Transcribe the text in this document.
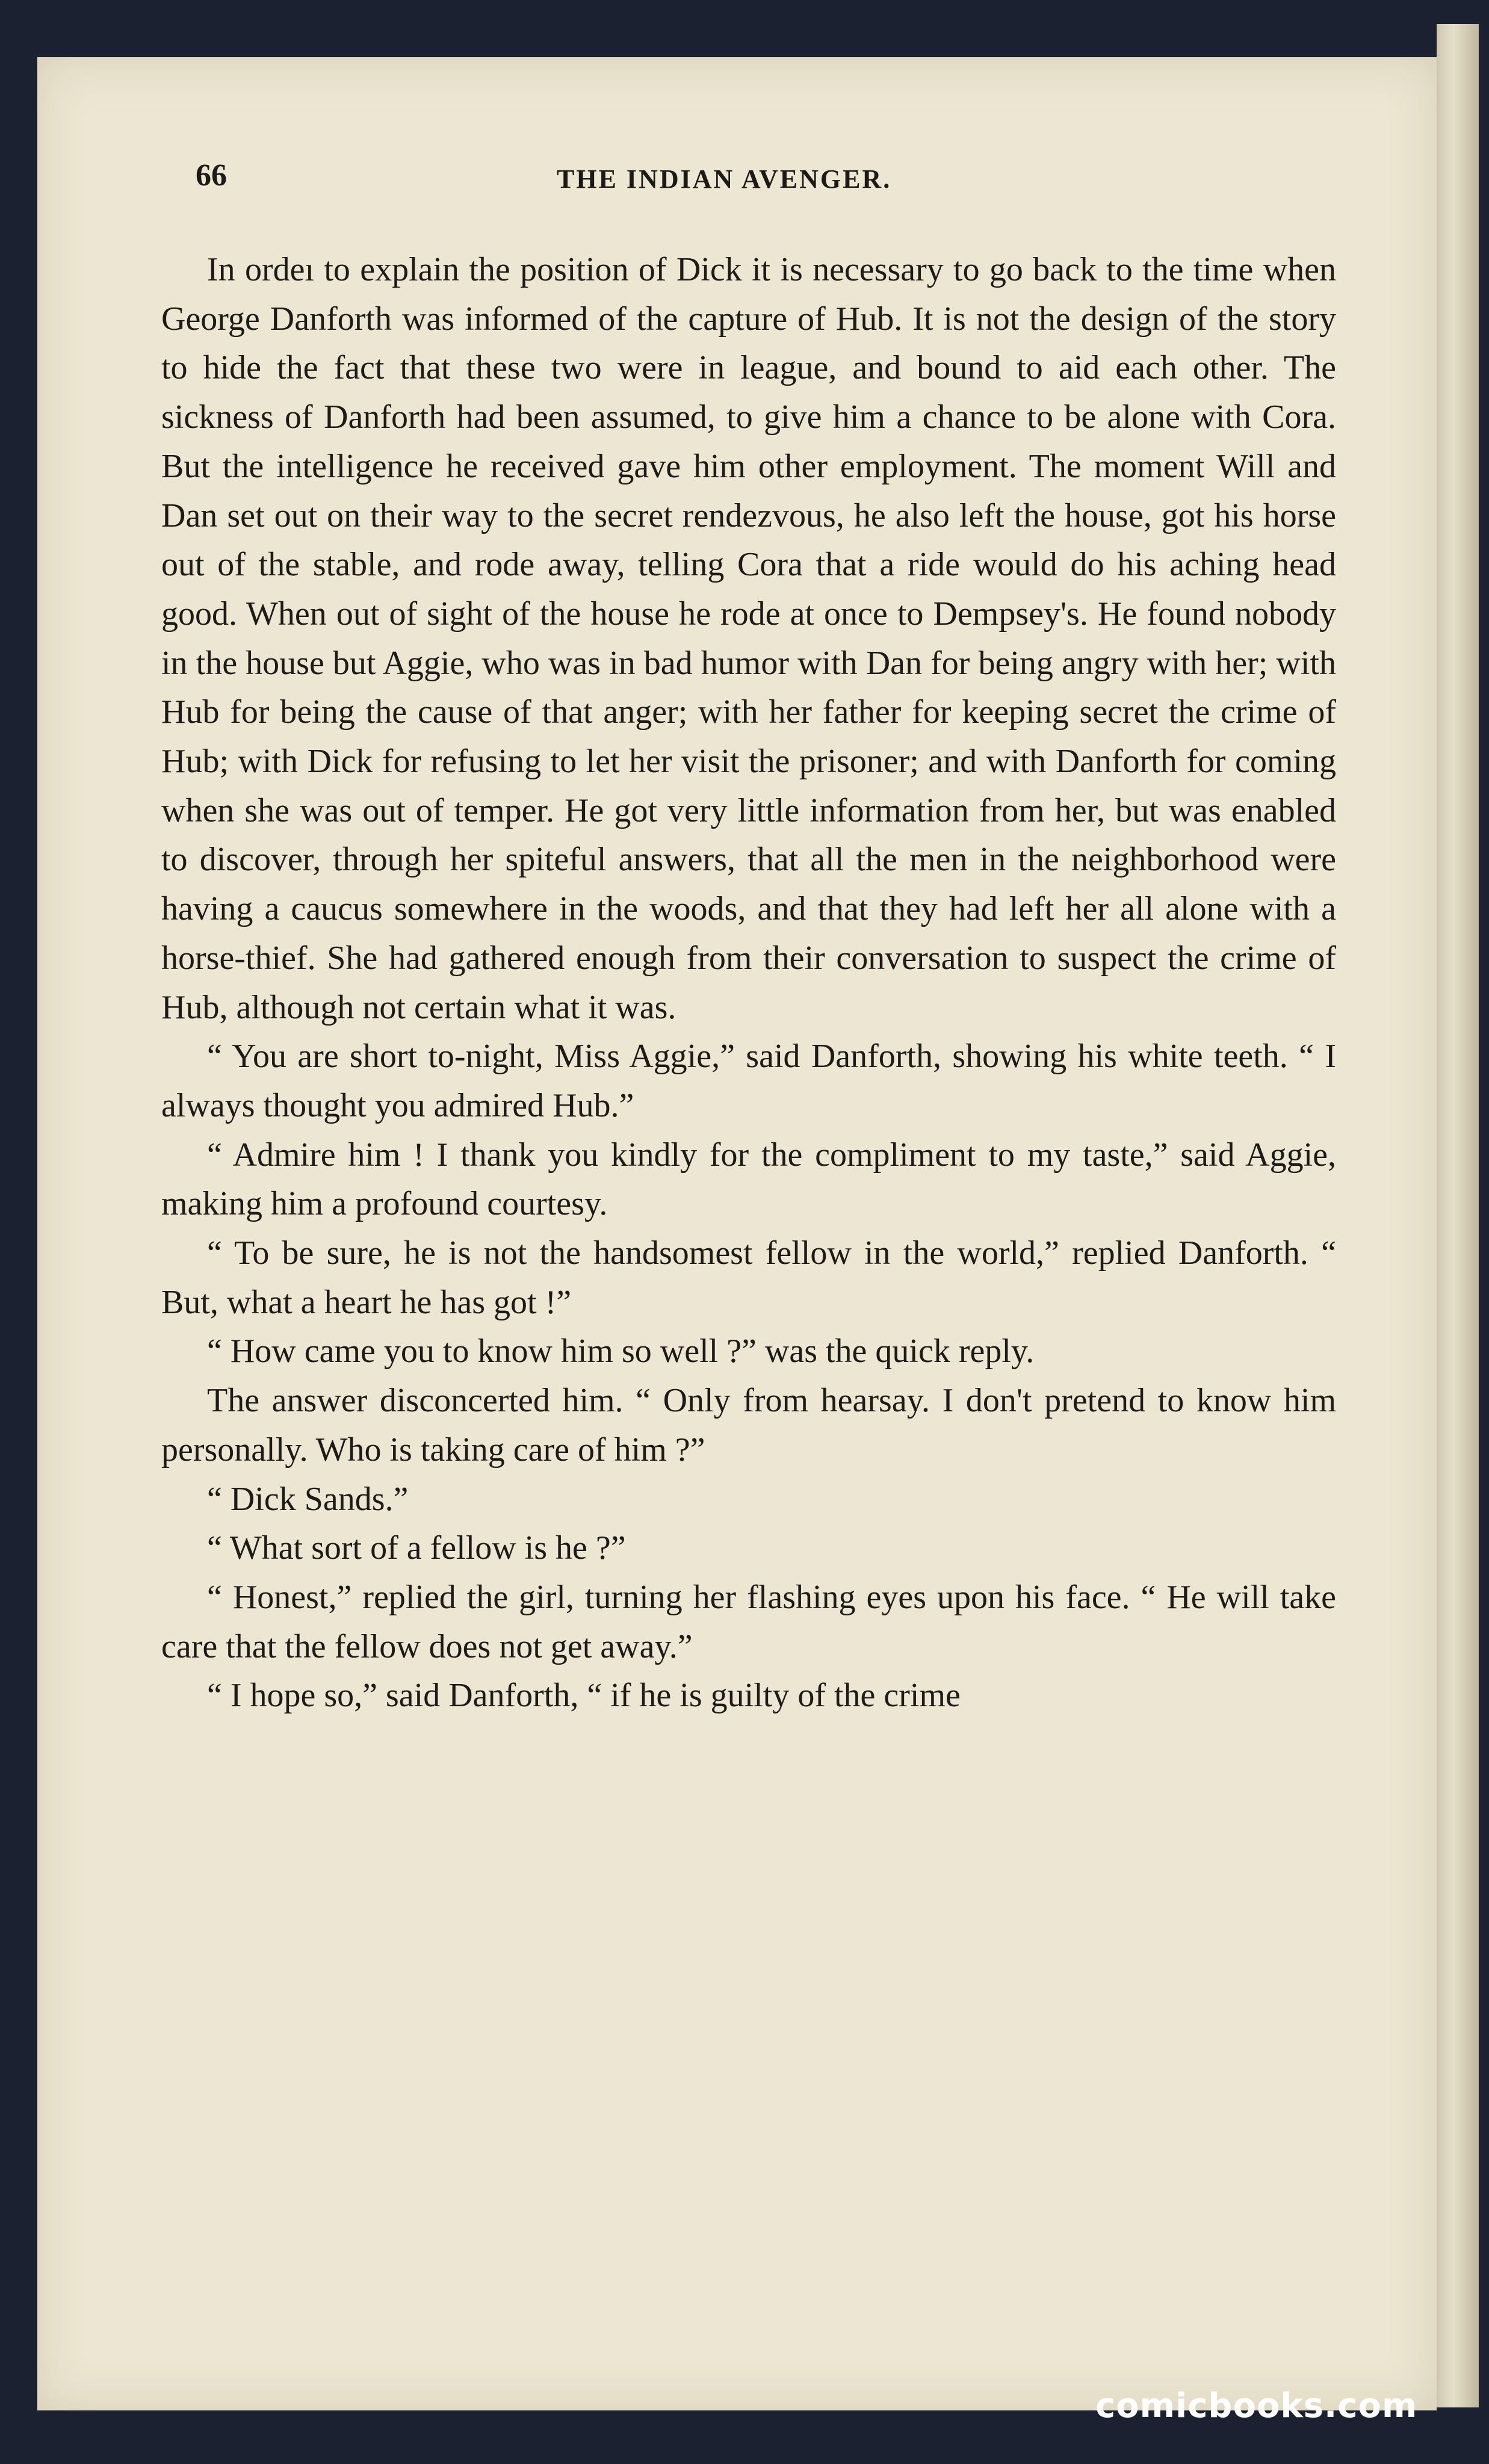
66	THE INDIAN AVENGER.

In ordeı to explain the position of Dick it is necessary to go back to the time when George Danforth was informed of the capture of Hub. It is not the design of the story to hide the fact that these two were in league, and bound to aid each other. The sickness of Danforth had been assumed, to give him a chance to be alone with Cora. But the intelligence he received gave him other employment. The moment Will and Dan set out on their way to the secret rendezvous, he also left the house, got his horse out of the stable, and rode away, telling Cora that a ride would do his aching head good. When out of sight of the house he rode at once to Dempsey's. He found nobody in the house but Aggie, who was in bad humor with Dan for being angry with her; with Hub for being the cause of that anger; with her father for keeping secret the crime of Hub; with Dick for refusing to let her visit the prisoner; and with Danforth for coming when she was out of temper. He got very little information from her, but was enabled to discover, through her spiteful answers, that all the men in the neighborhood were having a caucus somewhere in the woods, and that they had left her all alone with a horse-thief. She had gathered enough from their conversation to suspect the crime of Hub, although not certain what it was.

“ You are short to-night, Miss Aggie,” said Danforth, showing his white teeth. “ I always thought you admired Hub.”

“ Admire him ! I thank you kindly for the compliment to my taste,” said Aggie, making him a profound courtesy.

“ To be sure, he is not the handsomest fellow in the world,” replied Danforth. “ But, what a heart he has got !”

“ How came you to know him so well ?” was the quick reply.

The answer disconcerted him. “ Only from hearsay. I don't pretend to know him personally. Who is taking care of him ?”

“ Dick Sands.”

“ What sort of a fellow is he ?”

“ Honest,” replied the girl, turning her flashing eyes upon his face. “ He will take care that the fellow does not get away.”

“ I hope so,” said Danforth, “ if he is guilty of the crime

comicbooks.com
